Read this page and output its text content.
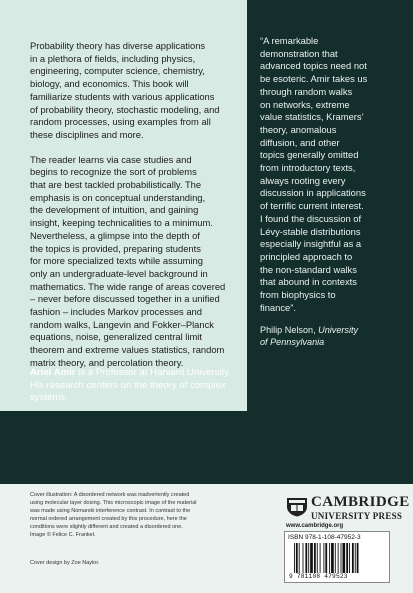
Probability theory has diverse applications
in a plethora of fields, including physics,
engineering, computer science, chemistry,
biology, and economics. This book will
familiarize students with various applications
of probability theory, stochastic modeling, and
random processes, using examples from all
these disciplines and more.

The reader learns via case studies and
begins to recognize the sort of problems
that are best tackled probabilistically. The
emphasis is on conceptual understanding,
the development of intuition, and gaining
insight, keeping technicalities to a minimum.
Nevertheless, a glimpse into the depth of
the topics is provided, preparing students
for more specialized texts while assuming
only an undergraduate-level background in
mathematics. The wide range of areas covered
– never before discussed together in a unified
fashion – includes Markov processes and
random walks, Langevin and Fokker–Planck
equations, noise, generalized central limit
theorem and extreme values statistics, random
matrix theory, and percolation theory.

Ariel Amir is a Professor at Harvard University.
His research centers on the theory of complex
systems.
“A remarkable
demonstration that
advanced topics need not
be esoteric. Amir takes us
through random walks
on networks, extreme
value statistics, Kramers’
theory, anomalous
diffusion, and other
topics generally omitted
from introductory texts,
always rooting every
discussion in applications
of terrific current interest.
I found the discussion of
Lévy-stable distributions
especially insightful as a
principled approach to
the non-standard walks
that abound in contexts
from biophysics to
finance”.
Philip Nelson, University
of Pennsylvania
Cover illustration: A disordered network was inadvertently created
using molecular layer dosing. This microscopic image of the material
was made using Nomarski interference contrast. In contrast to the
normal ordered arrangement created by this procedure, here the
conditions were slightly different and created a disordered one.
Image © Felice C. Frankel.
Cover design by Zoe Naylor.
CAMBRIDGE
UNIVERSITY PRESS
www.cambridge.org
ISBN 978-1-108-47952-3
9 781108 479523
